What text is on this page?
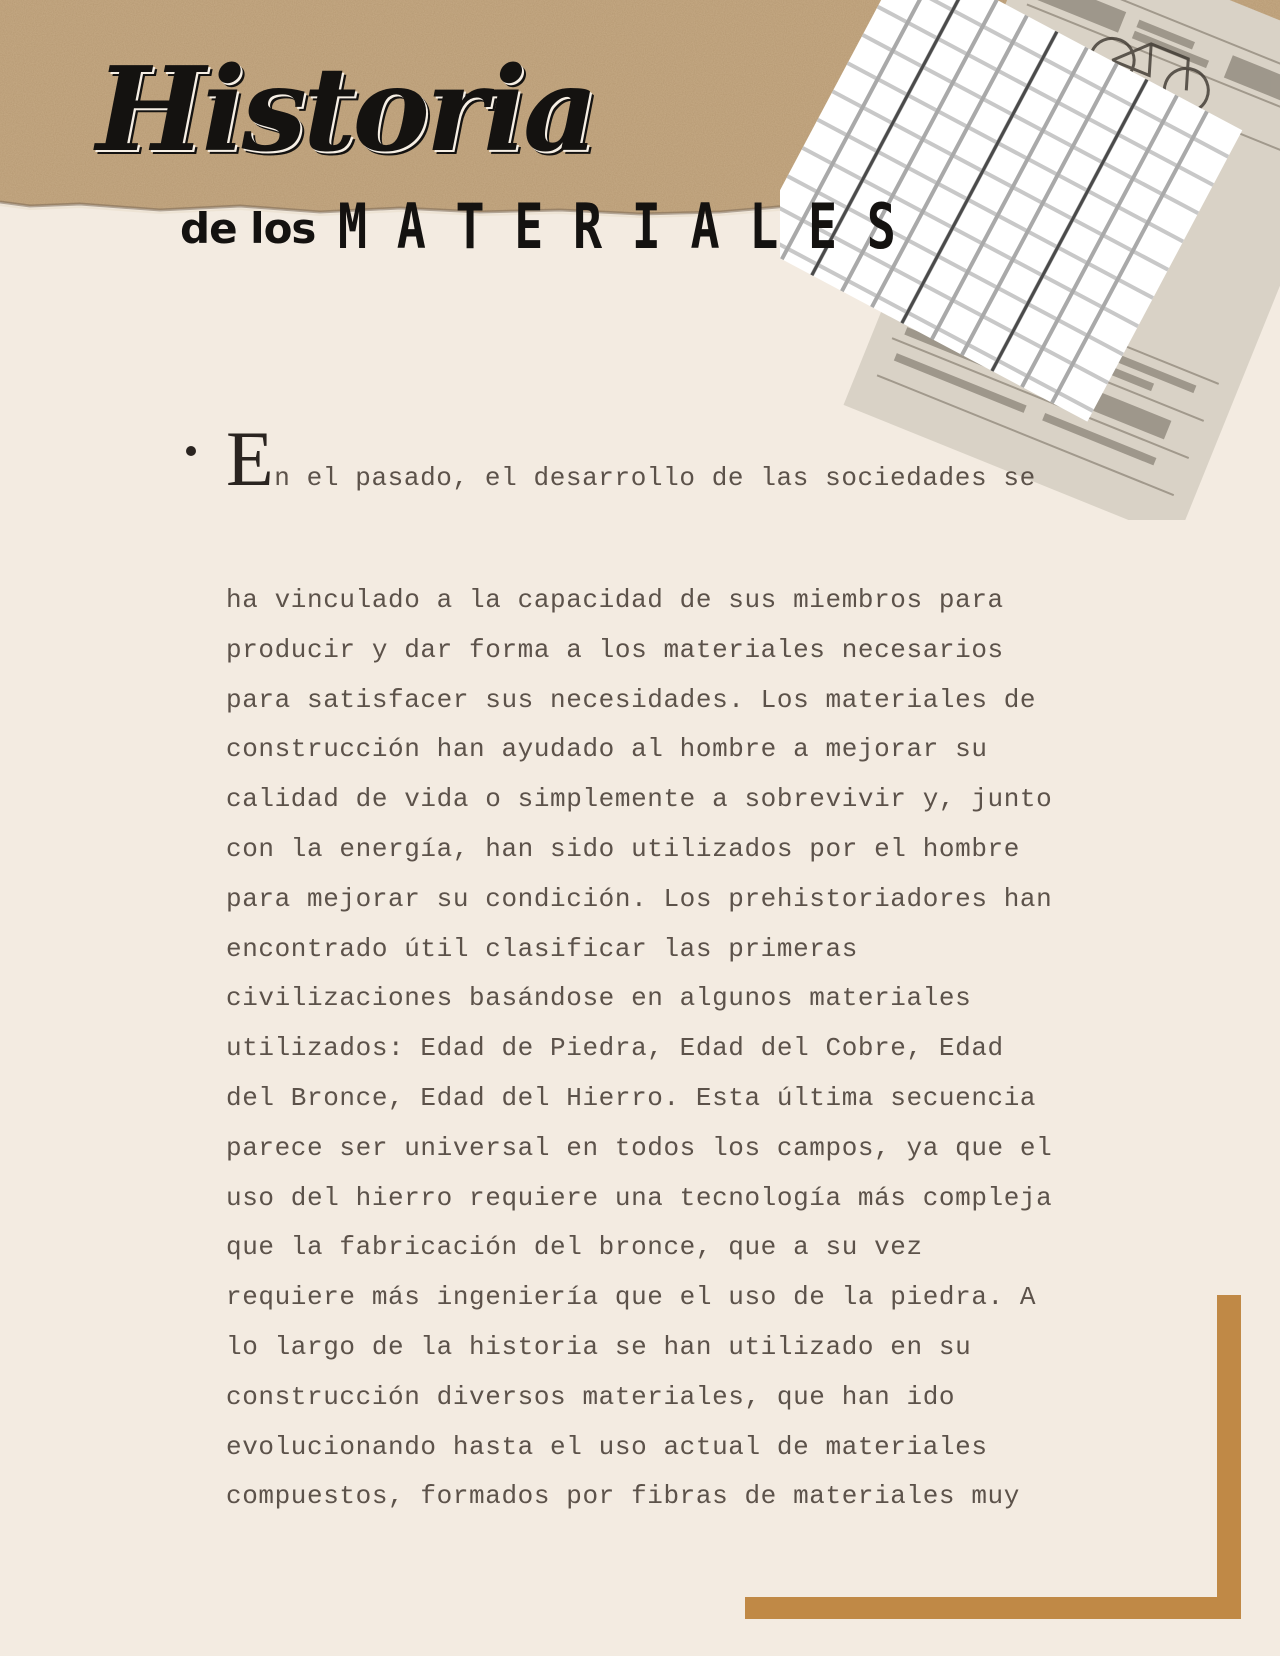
Historia
de los MATERIALES
En el pasado, el desarrollo de las sociedades se
ha vinculado a la capacidad de sus miembros para
producir y dar forma a los materiales necesarios
para satisfacer sus necesidades. Los materiales de
construcción han ayudado al hombre a mejorar su
calidad de vida o simplemente a sobrevivir y, junto
con la energía, han sido utilizados por el hombre
para mejorar su condición. Los prehistoriadores han
encontrado útil clasificar las primeras
civilizaciones basándose en algunos materiales
utilizados: Edad de Piedra, Edad del Cobre, Edad
del Bronce, Edad del Hierro. Esta última secuencia
parece ser universal en todos los campos, ya que el
uso del hierro requiere una tecnología más compleja
que la fabricación del bronce, que a su vez
requiere más ingeniería que el uso de la piedra. A
lo largo de la historia se han utilizado en su
construcción diversos materiales, que han ido
evolucionando hasta el uso actual de materiales
compuestos, formados por fibras de materiales muy
